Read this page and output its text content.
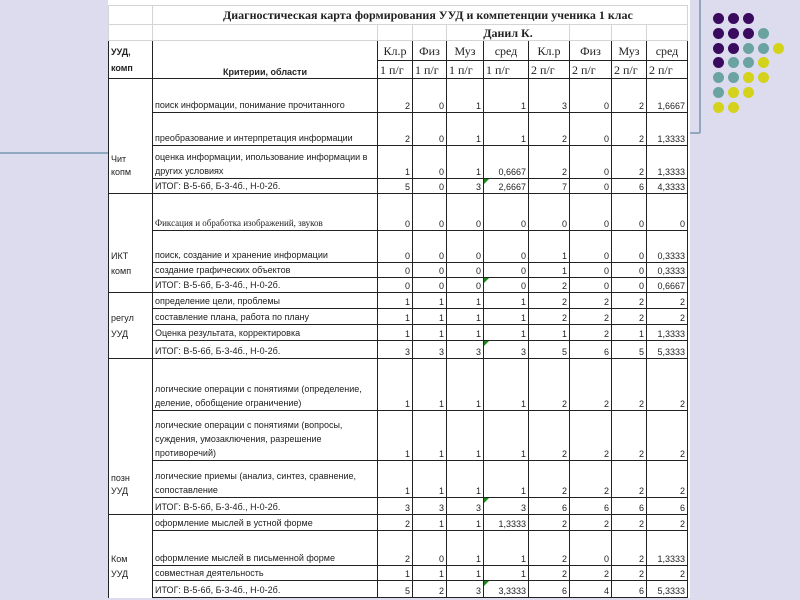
	Диагностическая карта формирования УУД и компетенции ученика 1 клас								
				Данил К.					

УУД,
комп	Критерии, области	Кл.р	Физ	Муз	сред	Кл.р	Физ	Муз	сред
		1 п/г	1 п/г	1 п/г	1 п/г	2 п/г	2 п/г	2 п/г	2 п/г
	поиск информации, понимание прочитанного	2	0	1	1	3	0	2	1,6667
	преобразование и интерпретация информации	2	0	1	1	2	0	2	1,3333
Чит
копм	оценка информации, ипользование информации в других условиях	1	0	1	0,6667	2	0	2	1,3333
	ИТОГ: В-5-6б, Б-3-4б., Н-0-2б.	5	0	3	2,6667	7	0	6	4,3333
	Фиксация и обработка изображений, звуков	0	0	0	0	0	0	0	0
ИКТ	поиск, создание и хранение информации	0	0	0	0	1	0	0	0,3333
комп	создание графических объектов	0	0	0	0	1	0	0	0,3333
	ИТОГ: В-5-6б, Б-3-4б., Н-0-2б.	0	0	0	0	2	0	0	0,6667
	определение цели, проблемы	1	1	1	1	2	2	2	2
регул	составление плана, работа по плану	1	1	1	1	2	2	2	2
УУД	Оценка результата, корректировка	1	1	1	1	1	2	1	1,3333
	ИТОГ: В-5-6б, Б-3-4б., Н-0-2б.	3	3	3	3	5	6	5	5,3333
	логические операции с понятиями (определение, деление, обобщение ограничение)	1	1	1	1	2	2	2	2
	логические операции с понятиями (вопросы, суждения, умозаключения, разрешение противоречий)	1	1	1	1	2	2	2	2
позн
УУД	логические приемы (анализ, синтез, сравнение, сопоставление	1	1	1	1	2	2	2	2
	ИТОГ: В-5-6б, Б-3-4б., Н-0-2б.	3	3	3	3	6	6	6	6
	оформление мыслей в устной форме	2	1	1	1,3333	2	2	2	2
Ком	оформление мыслей в письменной форме	2	0	1	1	2	0	2	1,3333
УУД	совместная деятельность	1	1	1	1	2	2	2	2
	ИТОГ: В-5-6б, Б-3-4б., Н-0-2б.	5	2	3	3,3333	6	4	6	5,3333
